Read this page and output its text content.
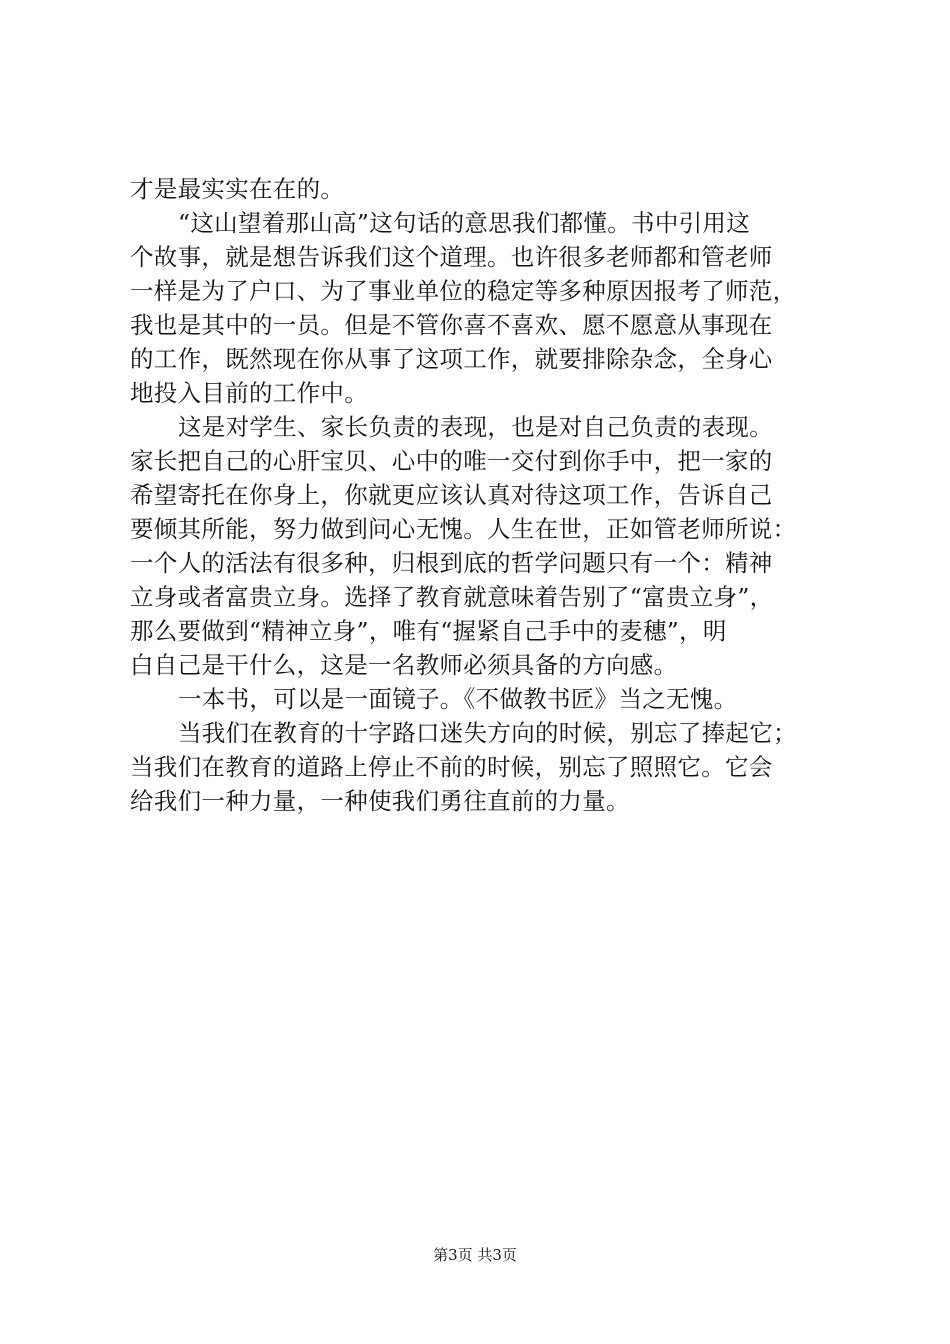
才是最实实在在的。
“这山望着那山高”这句话的意思我们都懂。书中引用这
个故事，就是想告诉我们这个道理。也许很多老师都和管老师
一样是为了户口、为了事业单位的稳定等多种原因报考了师范，
我也是其中的一员。但是不管你喜不喜欢、愿不愿意从事现在
的工作，既然现在你从事了这项工作，就要排除杂念，全身心
地投入目前的工作中。
这是对学生、家长负责的表现，也是对自己负责的表现。
家长把自己的心肝宝贝、心中的唯一交付到你手中，把一家的
希望寄托在你身上，你就更应该认真对待这项工作，告诉自己
要倾其所能，努力做到问心无愧。人生在世，正如管老师所说：
一个人的活法有很多种，归根到底的哲学问题只有一个：精神
立身或者富贵立身。选择了教育就意味着告别了“富贵立身”，
那么要做到“精神立身”，唯有“握紧自己手中的麦穗”，明
白自己是干什么，这是一名教师必须具备的方向感。
一本书，可以是一面镜子。《不做教书匠》当之无愧。
当我们在教育的十字路口迷失方向的时候，别忘了捧起它；
当我们在教育的道路上停止不前的时候，别忘了照照它。它会
给我们一种力量，一种使我们勇往直前的力量。
第3页 共3页
